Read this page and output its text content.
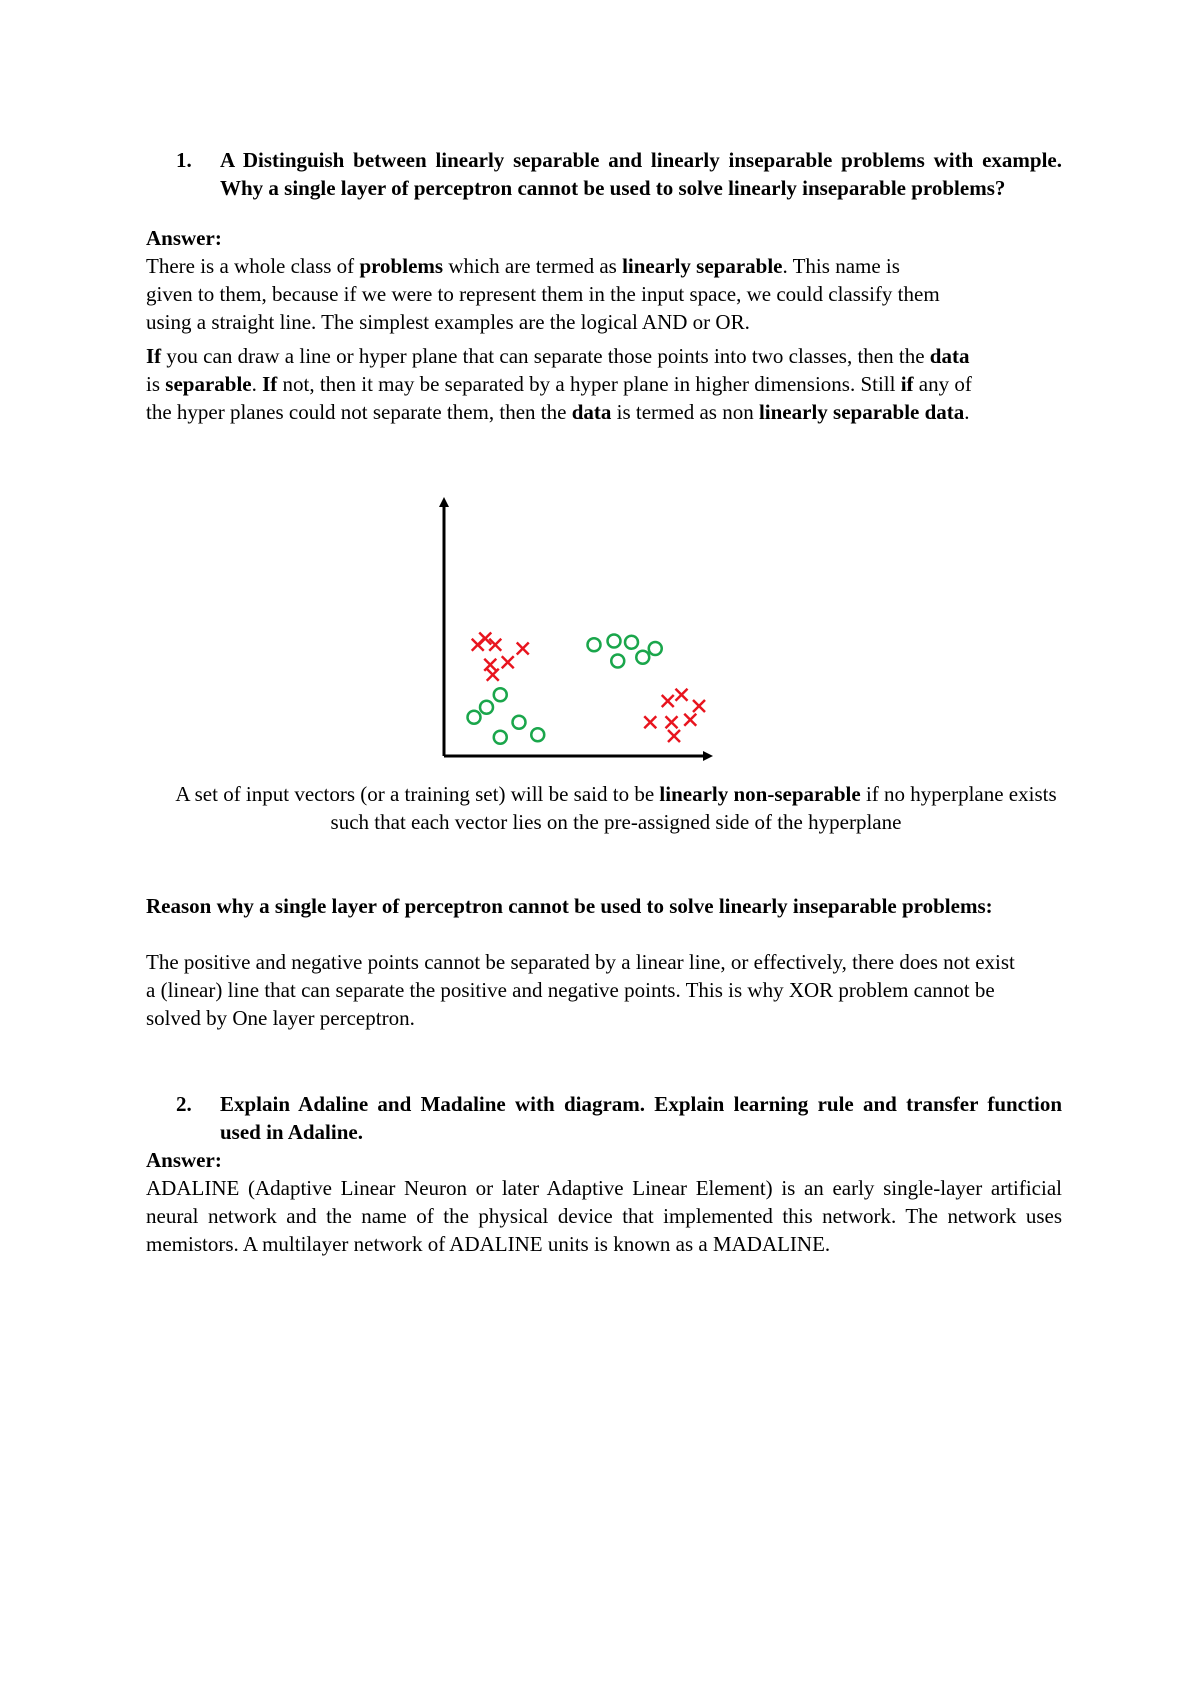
1. A Distinguish between linearly separable and linearly inseparable problems with example. Why a single layer of perceptron cannot be used to solve linearly inseparable problems?

Answer:

There is a whole class of problems which are termed as linearly separable. This name is given to them, because if we were to represent them in the input space, we could classify them using a straight line. The simplest examples are the logical AND or OR.

If you can draw a line or hyper plane that can separate those points into two classes, then the data is separable. If not, then it may be separated by a hyper plane in higher dimensions. Still if any of the hyper planes could not separate them, then the data is termed as non linearly separable data.

A set of input vectors (or a training set) will be said to be linearly non-separable if no hyperplane exists such that each vector lies on the pre-assigned side of the hyperplane

Reason why a single layer of perceptron cannot be used to solve linearly inseparable problems:

The positive and negative points cannot be separated by a linear line, or effectively, there does not exist a (linear) line that can separate the positive and negative points. This is why XOR problem cannot be solved by One layer perceptron.

2. Explain Adaline and Madaline with diagram. Explain learning rule and transfer function used in Adaline.

Answer:

ADALINE (Adaptive Linear Neuron or later Adaptive Linear Element) is an early single-layer artificial neural network and the name of the physical device that implemented this network. The network uses memistors. A multilayer network of ADALINE units is known as a MADALINE.
